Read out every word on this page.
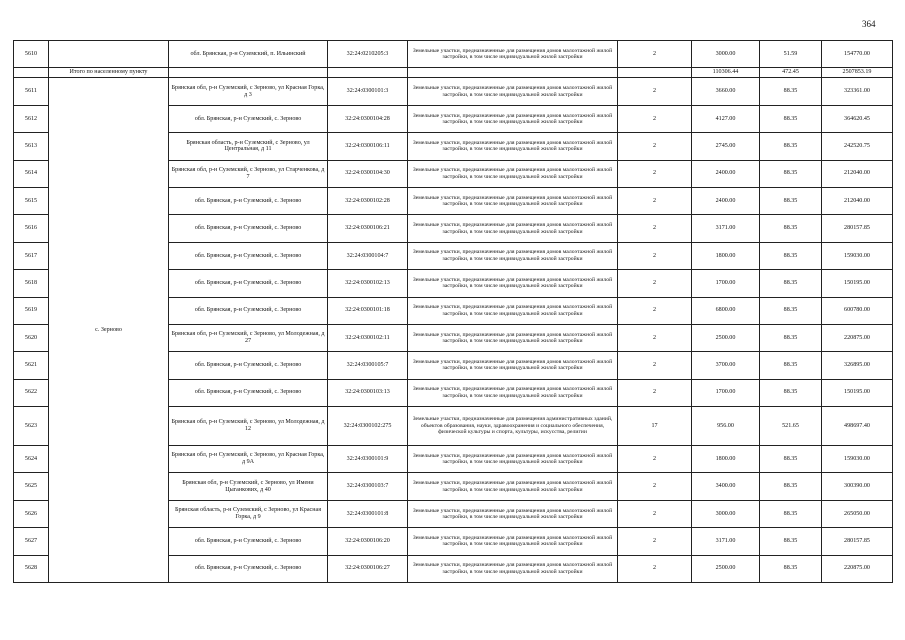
364
5610		обл. Брянская, р-н Суземский, п. Ильинский	32:24:0210205:3	Земельные участки, предназначенные для размещения домов малоэтажной жилой застройки, в том числе индивидуальной жилой застройки	2	3000.00	51.59	154770.00
	Итого по населенному пункту					110306.44	472.45	2507853.19
5611	с. Зерново	Брянская обл, р-н Суземский, с Зерново, ул Красная Горка, д 3	32:24:0300101:3	Земельные участки, предназначенные для размещения домов малоэтажной жилой застройки, в том числе индивидуальной жилой застройки	2	3660.00	88.35	323361.00
5612		обл. Брянская, р-н Суземский, с. Зерново	32:24:0300104:28	Земельные участки, предназначенные для размещения домов малоэтажной жилой застройки, в том числе индивидуальной жилой застройки	2	4127.00	88.35	364620.45
5613		Брянская область, р-н Суземский, с Зерново, ул Центральная, д 11	32:24:0300106:11	Земельные участки, предназначенные для размещения домов малоэтажной жилой застройки, в том числе индивидуальной жилой застройки	2	2745.00	88.35	242520.75
5614		Брянская обл, р-н Суземский, с Зерново, ул Старченкова, д 7	32:24:0300104:30	Земельные участки, предназначенные для размещения домов малоэтажной жилой застройки, в том числе индивидуальной жилой застройки	2	2400.00	88.35	212040.00
5615		обл. Брянская, р-н Суземский, с. Зерново	32:24:0300102:28	Земельные участки, предназначенные для размещения домов малоэтажной жилой застройки, в том числе индивидуальной жилой застройки	2	2400.00	88.35	212040.00
5616		обл. Брянская, р-н Суземский, с. Зерново	32:24:0300106:21	Земельные участки, предназначенные для размещения домов малоэтажной жилой застройки, в том числе индивидуальной жилой застройки	2	3171.00	88.35	280157.85
5617		обл. Брянская, р-н Суземский, с. Зерново	32:24:0300104:7	Земельные участки, предназначенные для размещения домов малоэтажной жилой застройки, в том числе индивидуальной жилой застройки	2	1800.00	88.35	159030.00
5618		обл. Брянская, р-н Суземский, с. Зерново	32:24:0300102:13	Земельные участки, предназначенные для размещения домов малоэтажной жилой застройки, в том числе индивидуальной жилой застройки	2	1700.00	88.35	150195.00
5619		обл. Брянская, р-н Суземский, с. Зерново	32:24:0300101:18	Земельные участки, предназначенные для размещения домов малоэтажной жилой застройки, в том числе индивидуальной жилой застройки	2	6800.00	88.35	600780.00
5620		Брянская обл, р-н Суземский, с Зерново, ул Молодежная, д 27	32:24:0300102:11	Земельные участки, предназначенные для размещения домов малоэтажной жилой застройки, в том числе индивидуальной жилой застройки	2	2500.00	88.35	220875.00
5621		обл. Брянская, р-н Суземский, с. Зерново	32:24:0300105:7	Земельные участки, предназначенные для размещения домов малоэтажной жилой застройки, в том числе индивидуальной жилой застройки	2	3700.00	88.35	326895.00
5622		обл. Брянская, р-н Суземский, с. Зерново	32:24:0300103:13	Земельные участки, предназначенные для размещения домов малоэтажной жилой застройки, в том числе индивидуальной жилой застройки	2	1700.00	88.35	150195.00
5623		Брянская обл, р-н Суземский, с Зерново, ул Молодежная, д 12	32:24:0300102:275	Земельные участки, предназначенные для размещения административных зданий, объектов образования, науки, здравоохранения и социального обеспечения, физической культуры и спорта, культуры, искусства, религии	17	956.00	521.65	498697.40
5624		Брянская обл, р-н Суземский, с Зерново, ул Красная Горка, д 9А	32:24:0300101:9	Земельные участки, предназначенные для размещения домов малоэтажной жилой застройки, в том числе индивидуальной жилой застройки	2	1800.00	88.35	159030.00
5625		Брянская обл, р-н Суземский, с Зерново, ул Имени Цыганкових, д 40	32:24:0300103:7	Земельные участки, предназначенные для размещения домов малоэтажной жилой застройки, в том числе индивидуальной жилой застройки	2	3400.00	88.35	300390.00
5626		Брянская область, р-н Суземский, с Зерново, ул Красная Горка, д 9	32:24:0300101:8	Земельные участки, предназначенные для размещения домов малоэтажной жилой застройки, в том числе индивидуальной жилой застройки	2	3000.00	88.35	265050.00
5627		обл. Брянская, р-н Суземский, с. Зерново	32:24:0300106:20	Земельные участки, предназначенные для размещения домов малоэтажной жилой застройки, в том числе индивидуальной жилой застройки	2	3171.00	88.35	280157.85
5628		обл. Брянская, р-н Суземский, с. Зерново	32:24:0300106:27	Земельные участки, предназначенные для размещения домов малоэтажной жилой застройки, в том числе индивидуальной жилой застройки	2	2500.00	88.35	220875.00
